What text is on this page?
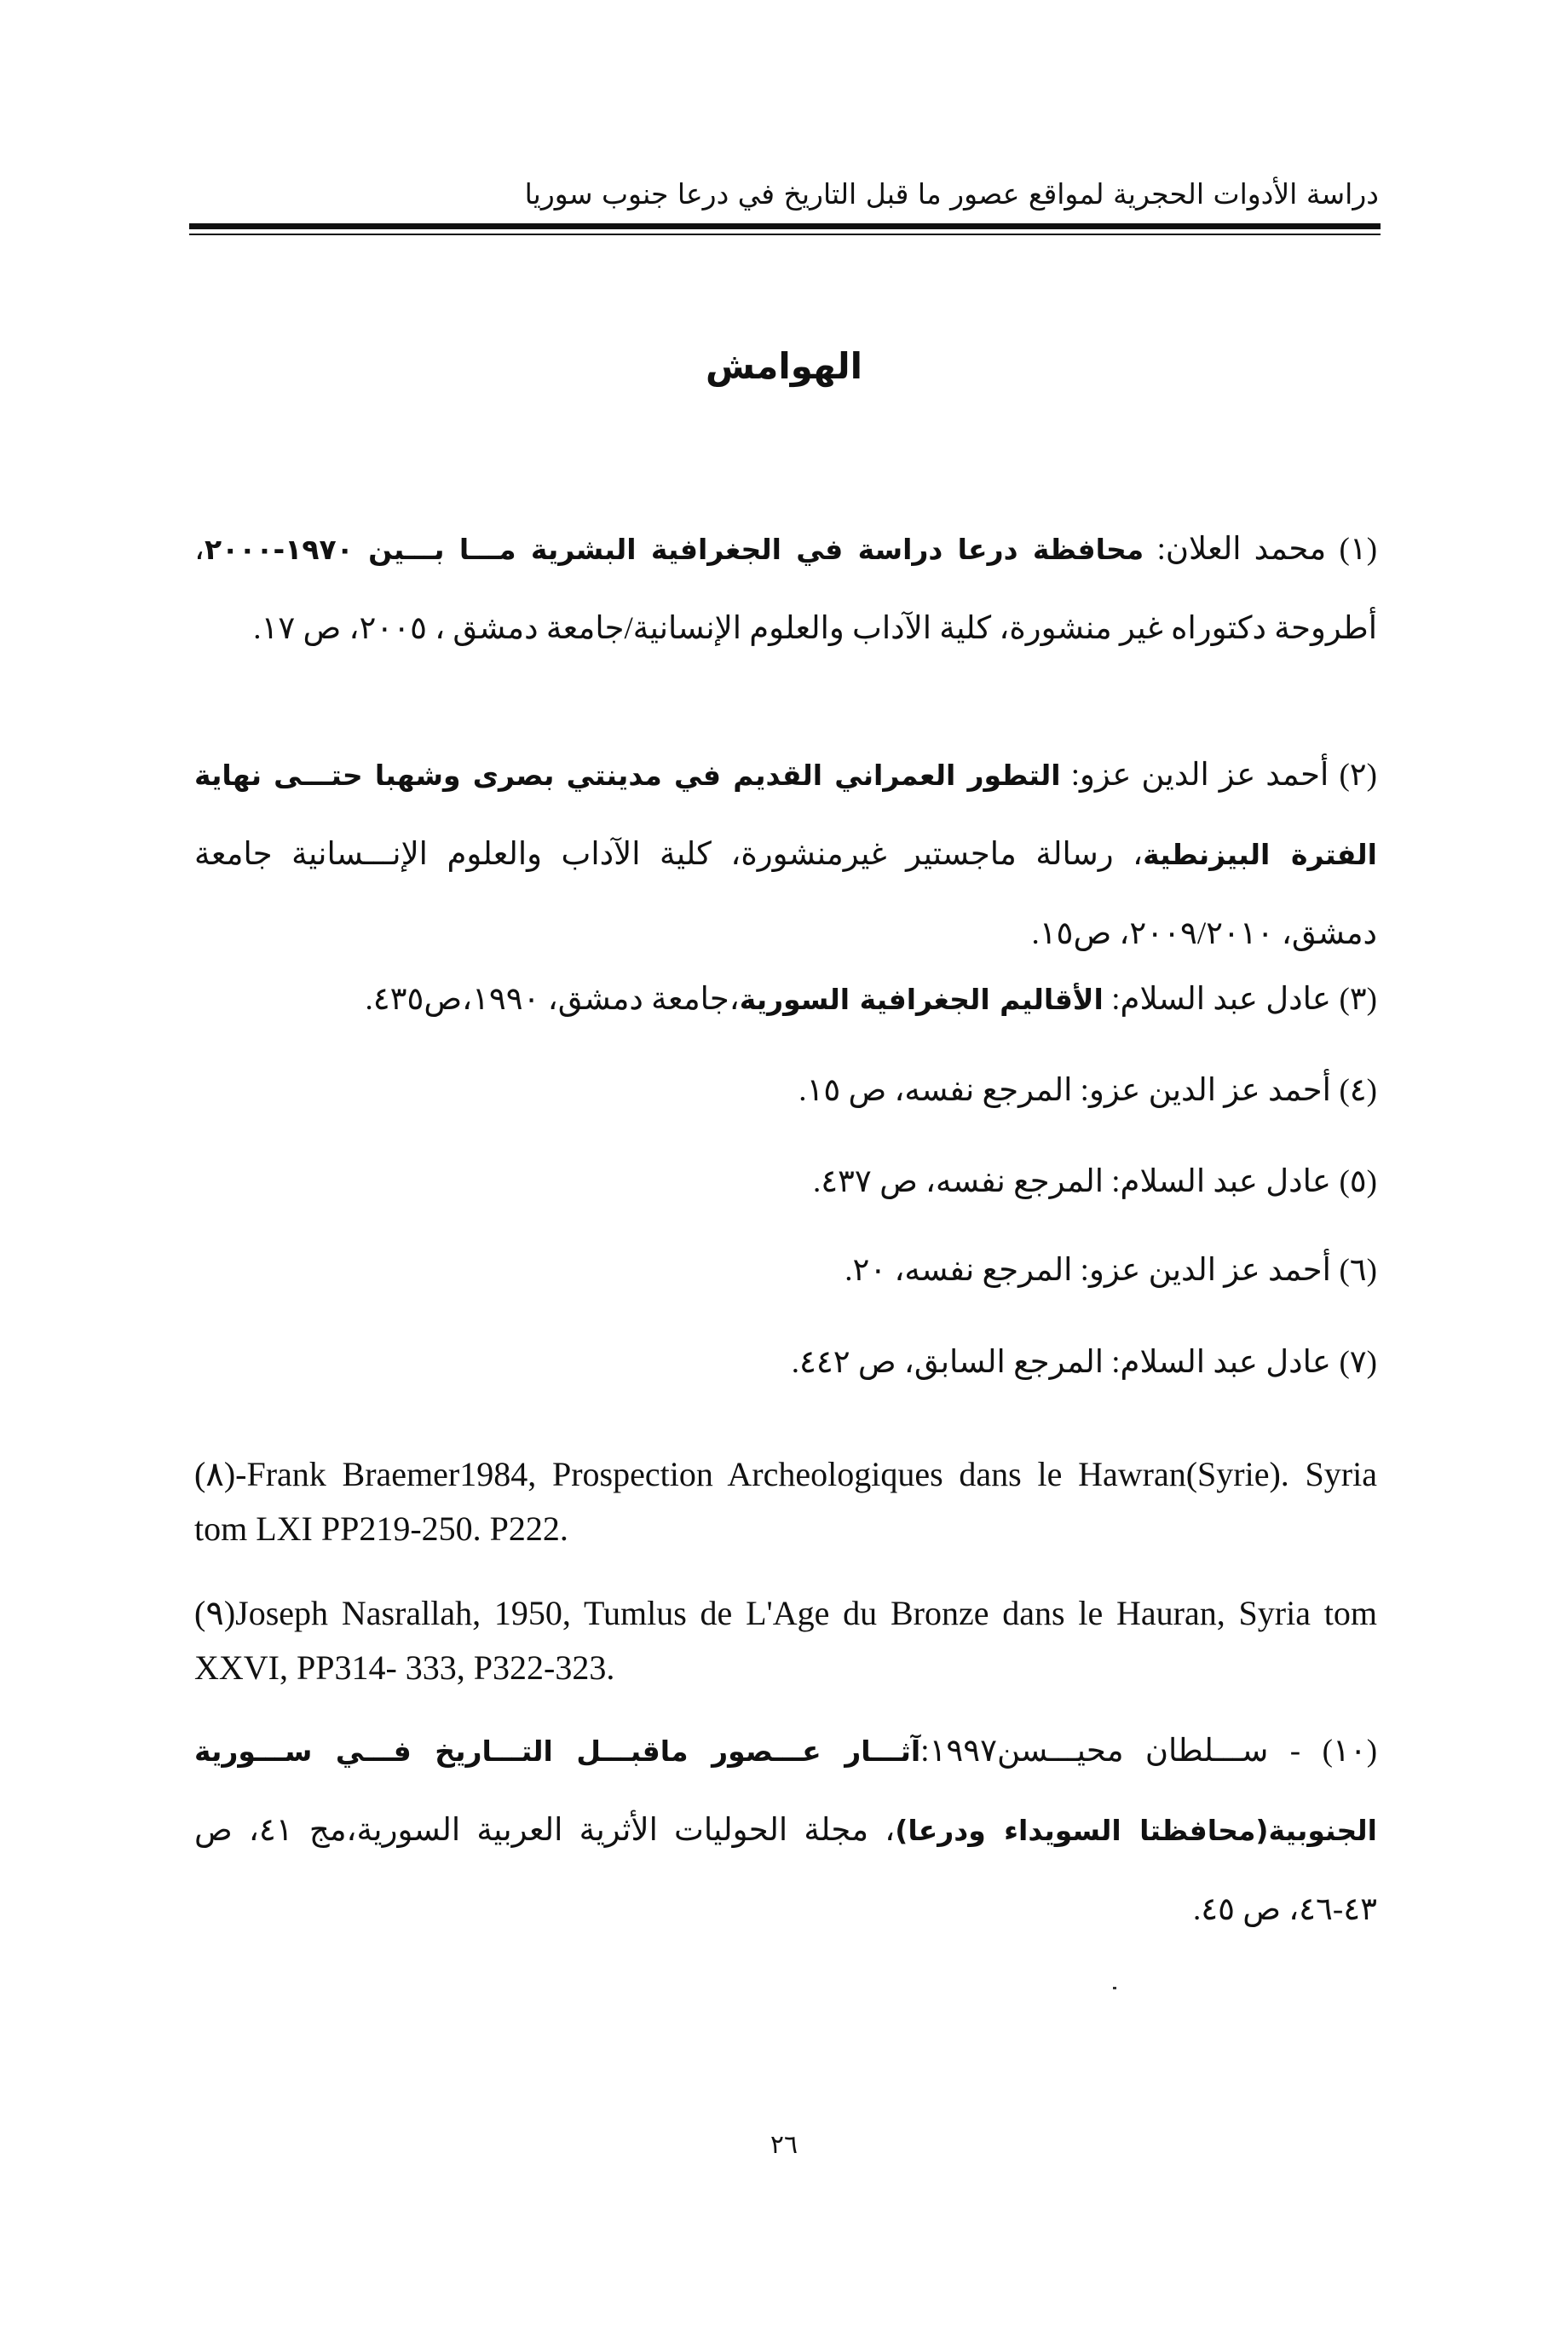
دراسة الأدوات الحجرية لمواقع عصور ما قبل التاريخ في درعا جنوب سوريا
الهوامش
(١) محمد العلان: محافظة درعا دراسة في الجغرافية البشرية مـــا بـــين ١٩٧٠-٢٠٠٠، أطروحة دكتوراه غير منشورة، كلية الآداب والعلوم الإنسانية/جامعة دمشق ، ٢٠٠٥، ص ١٧.
(٢) أحمد عز الدين عزو: التطور العمراني القديم في مدينتي بصرى وشهبا حتـــى نهاية الفترة البيزنطية، رسالة ماجستير غيرمنشورة، كلية الآداب والعلوم الإنـــسانية جامعة دمشق، ٢٠٠٩/٢٠١٠، ص١٥.
(٣) عادل عبد السلام: الأقاليم الجغرافية السورية،جامعة دمشق، ١٩٩٠،ص٤٣٥.
(٤) أحمد عز الدين عزو: المرجع نفسه، ص ١٥.
(٥) عادل عبد السلام: المرجع نفسه، ص ٤٣٧.
(٦) أحمد عز الدين عزو: المرجع نفسه، ٢٠.
(٧) عادل عبد السلام: المرجع السابق، ص ٤٤٢.
(٨)-Frank Braemer1984, Prospection Archeologiques dans le Hawran(Syrie). Syria tom LXI PP219-250. P222.
(٩)Joseph Nasrallah, 1950, Tumlus de L'Age du Bronze dans le Hauran, Syria tom XXVI, PP314- 333, P322-323.
(١٠) - ســـلطان محيـــسن١٩٩٧:آثـــار عـــصور ماقبـــل التـــاريخ فـــي ســـورية الجنوبية(محافظتا السويداء ودرعا)، مجلة الحوليات الأثرية العربية السورية،مج ٤١، ص ٤٣-٤٦، ص ٤٥.
٢٦
